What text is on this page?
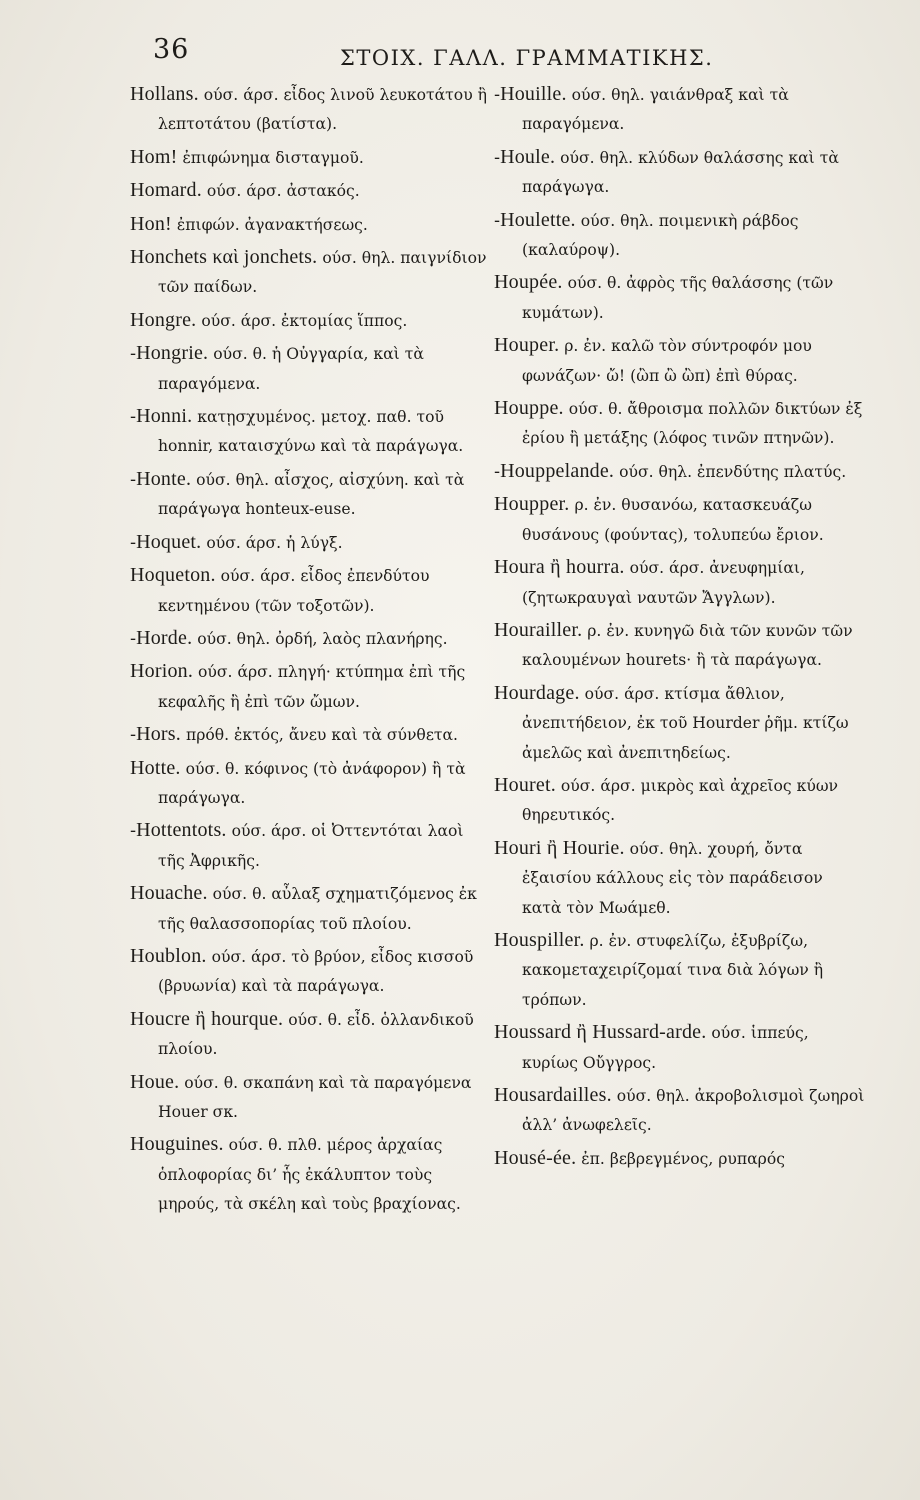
36	ΣΤΟΙΧ. ΓΑΛΛ. ΓΡΑΜΜΑΤΙΚΗΣ.
Hollans. ούσ. άρσ. εἶδος λινοῦ λευκοτάτου ἢ λεπτοτάτου (βατίστα).
Hom! ἐπιφώνημα δισταγμοῦ.
Homard. ούσ. άρσ. ἀστακός.
Hon! ἐπιφών. ἀγανακτήσεως.
Honchets καὶ jonchets. ούσ. θηλ. παιγνίδιον τῶν παίδων.
Hongre. ούσ. άρσ. ἐκτομίας ἵππος.
-Hongrie. ούσ. θ. ἡ Οὐγγαρία, καὶ τὰ παραγόμενα.
-Honni. κατῃσχυμένος. μετοχ. παθ. τοῦ honnir, καταισχύνω καὶ τὰ παράγωγα.
-Honte. ούσ. θηλ. αἶσχος, αἰσχύνη. καὶ τὰ παράγωγα honteux-euse.
-Hoquet. ούσ. άρσ. ἡ λύγξ.
Hoqueton. ούσ. άρσ. εἶδος ἐπενδύτου κεντημένου (τῶν τοξοτῶν).
-Horde. ούσ. θηλ. ὀρδή, λαὸς πλανήρης.
Horion. ούσ. άρσ. πληγή· κτύπημα ἐπὶ τῆς κεφαλῆς ἢ ἐπὶ τῶν ὤμων.
-Hors. πρόθ. ἐκτός, ἄνευ καὶ τὰ σύνθετα.
Hotte. ούσ. θ. κόφινος (τὸ ἀνάφορον) ἢ τὰ παράγωγα.
-Hottentots. ούσ. άρσ. οἱ Ὀττεντόται λαοὶ τῆς Ἀφρικῆς.
Houache. ούσ. θ. αὖλαξ σχηματιζόμενος ἐκ τῆς θαλασσοπορίας τοῦ πλοίου.
Houblon. ούσ. άρσ. τὸ βρύον, εἶδος κισσοῦ (βρυωνία) καὶ τὰ παράγωγα.
Houcre ἢ hourque. ούσ. θ. εἶδ. ὁλλανδικοῦ πλοίου.
Houe. ούσ. θ. σκαπάνη καὶ τὰ παραγόμενα Houer σκ.
Houguines. ούσ. θ. πλθ. μέρος ἀρχαίας ὁπλοφορίας δι’ ἧς ἐκάλυπτον τοὺς μηρούς, τὰ σκέλη καὶ τοὺς βραχίονας.
-Houille. ούσ. θηλ. γαιάνθραξ καὶ τὰ παραγόμενα.
-Houle. ούσ. θηλ. κλύδων θαλάσσης καὶ τὰ παράγωγα.
-Houlette. ούσ. θηλ. ποιμενικὴ ράβδος (καλαύροψ).
Houpée. ούσ. θ. ἀφρὸς τῆς θαλάσσης (τῶν κυμάτων).
Houper. ρ. ἐν. καλῶ τὸν σύντροφόν μου φωνάζων· ὤ! (ὢπ ὢ ὢπ) ἐπὶ θύρας.
Houppe. ούσ. θ. ἄθροισμα πολλῶν δικτύων ἐξ ἐρίου ἢ μετάξης (λόφος τινῶν πτηνῶν).
-Houppelande. ούσ. θηλ. ἐπενδύτης πλατύς.
Houpper. ρ. ἐν. θυσανόω, κατασκευάζω θυσάνους (φούντας), τολυπεύω ἔριον.
Houra ἢ hourra. ούσ. άρσ. ἀνευφημίαι, (ζητωκραυγαὶ ναυτῶν Ἄγγλων).
Hourailler. ρ. ἐν. κυνηγῶ διὰ τῶν κυνῶν τῶν καλουμένων hourets· ἢ τὰ παράγωγα.
Hourdage. ούσ. άρσ. κτίσμα ἄθλιον, ἀνεπιτήδειον, ἐκ τοῦ Hourder ῥῆμ. κτίζω ἀμελῶς καὶ ἀνεπιτηδείως.
Houret. ούσ. άρσ. μικρὸς καὶ ἀχρεῖος κύων θηρευτικός.
Houri ἢ Hourie. ούσ. θηλ. χουρή, ὄντα ἐξαισίου κάλλους εἰς τὸν παράδεισον κατὰ τὸν Μωάμεθ.
Houspiller. ρ. ἐν. στυφελίζω, ἐξυβρίζω, κακομεταχειρίζομαί τινα διὰ λόγων ἢ τρόπων.
Houssard ἢ Hussard-arde. ούσ. ἱππεύς, κυρίως Οὔγγρος.
Housardailles. ούσ. θηλ. ἀκροβολισμοὶ ζωηροὶ ἀλλ’ ἀνωφελεῖς.
Housé-ée. ἐπ. βεβρεγμένος, ρυπαρός
